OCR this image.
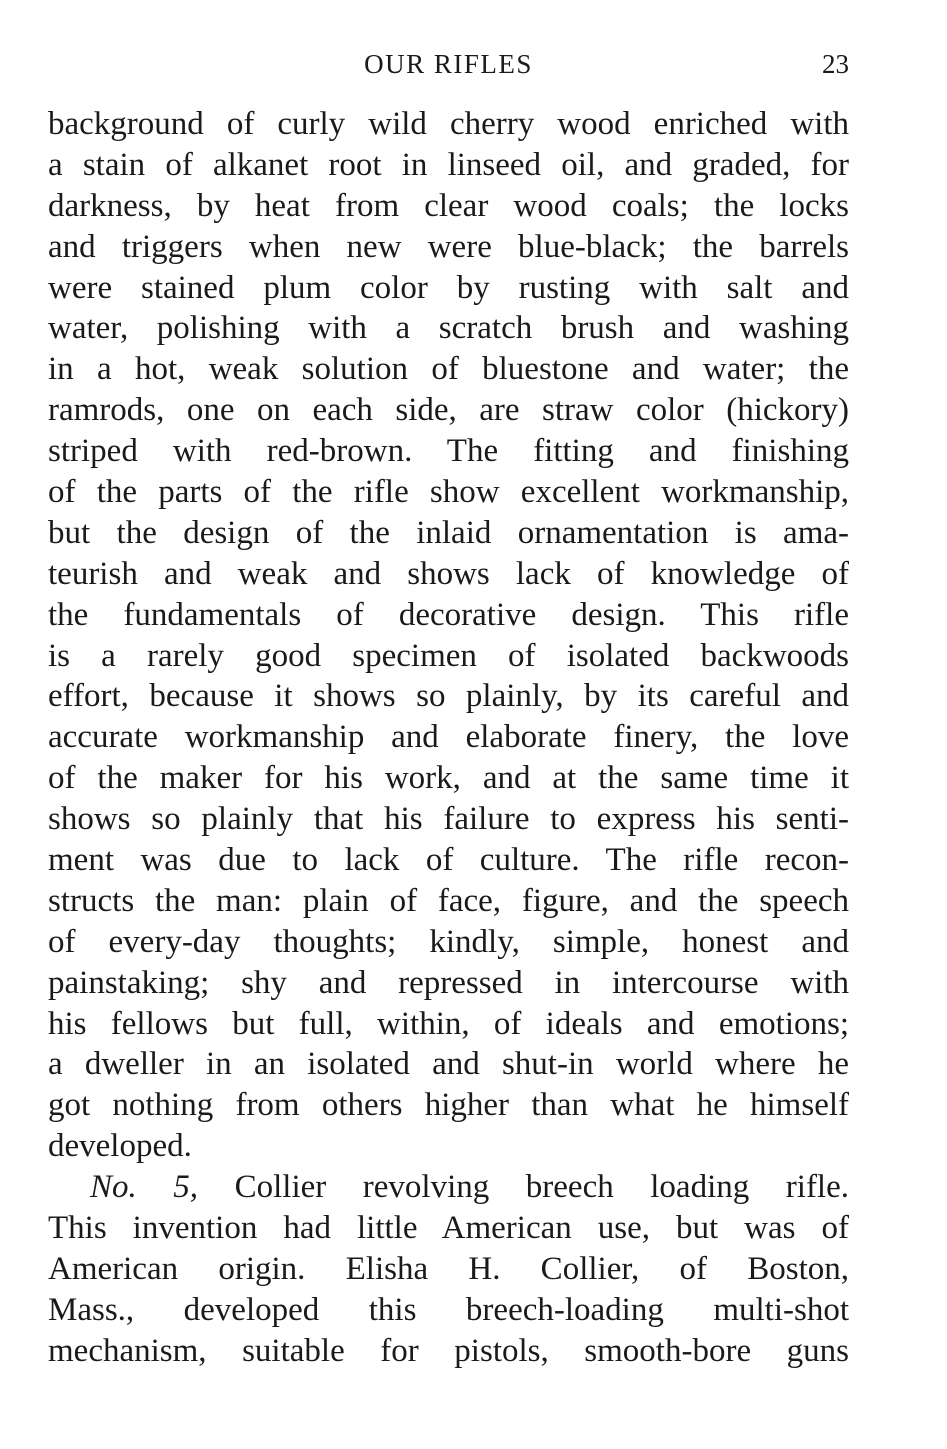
OUR RIFLES	23
background of curly wild cherry wood enriched with
a stain of alkanet root in linseed oil, and graded, for
darkness, by heat from clear wood coals; the locks
and triggers when new were blue-black; the barrels
were stained plum color by rusting with salt and
water, polishing with a scratch brush and washing
in a hot, weak solution of bluestone and water; the
ramrods, one on each side, are straw color (hickory)
striped with red-brown. The fitting and finishing
of the parts of the rifle show excellent workmanship,
but the design of the inlaid ornamentation is ama-
teurish and weak and shows lack of knowledge of
the fundamentals of decorative design. This rifle
is a rarely good specimen of isolated backwoods
effort, because it shows so plainly, by its careful and
accurate workmanship and elaborate finery, the love
of the maker for his work, and at the same time it
shows so plainly that his failure to express his senti-
ment was due to lack of culture. The rifle recon-
structs the man: plain of face, figure, and the speech
of every-day thoughts; kindly, simple, honest and
painstaking; shy and repressed in intercourse with
his fellows but full, within, of ideals and emotions;
a dweller in an isolated and shut-in world where he
got nothing from others higher than what he himself
developed.
No. 5, Collier revolving breech loading rifle.
This invention had little American use, but was of
American origin. Elisha H. Collier, of Boston,
Mass., developed this breech-loading multi-shot
mechanism, suitable for pistols, smooth-bore guns
